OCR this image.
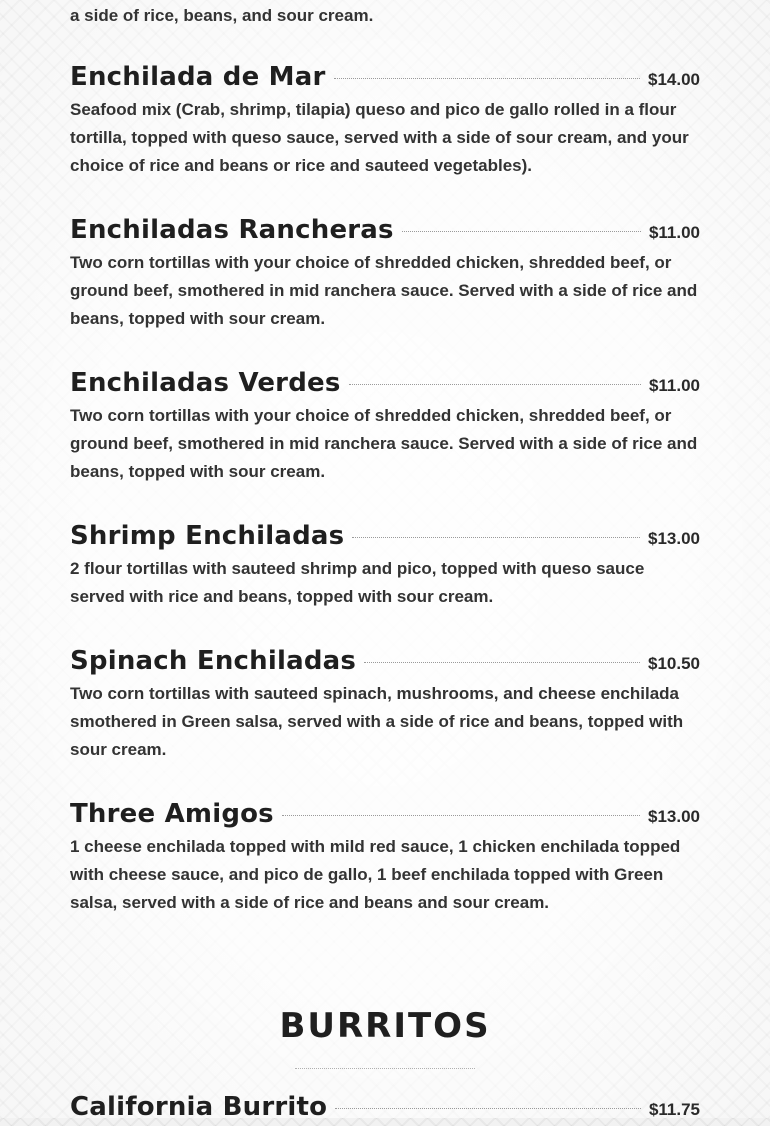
a side of rice, beans, and sour cream.
Enchilada de Mar	$14.00
Seafood mix (Crab, shrimp, tilapia) queso and pico de gallo rolled in a flour tortilla, topped with queso sauce, served with a side of sour cream, and your choice of rice and beans or rice and sauteed vegetables).
Enchiladas Rancheras	$11.00
Two corn tortillas with your choice of shredded chicken, shredded beef, or ground beef, smothered in mid ranchera sauce. Served with a side of rice and beans, topped with sour cream.
Enchiladas Verdes	$11.00
Two corn tortillas with your choice of shredded chicken, shredded beef, or ground beef, smothered in mid ranchera sauce. Served with a side of rice and beans, topped with sour cream.
Shrimp Enchiladas	$13.00
2 flour tortillas with sauteed shrimp and pico, topped with queso sauce served with rice and beans, topped with sour cream.
Spinach Enchiladas	$10.50
Two corn tortillas with sauteed spinach, mushrooms, and cheese enchilada smothered in Green salsa, served with a side of rice and beans, topped with sour cream.
Three Amigos	$13.00
1 cheese enchilada topped with mild red sauce, 1 chicken enchilada topped with cheese sauce, and pico de gallo, 1 beef enchilada topped with Green salsa, served with a side of rice and beans and sour cream.
BURRITOS
California Burrito	$11.75
